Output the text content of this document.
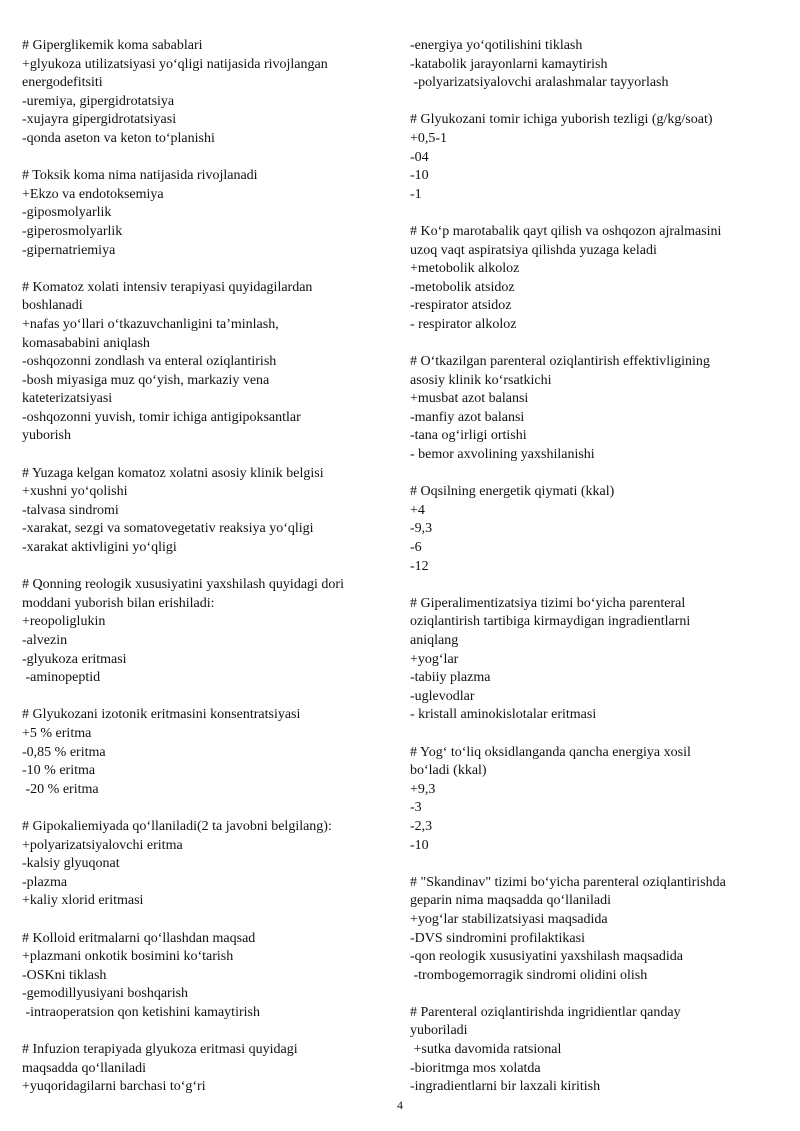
# Giperglikemik koma sabablari
+glyukoza utilizatsiyasi yo‘qligi natijasida rivojlangan
energodefitsiti
-uremiya, gipergidrotatsiya
-xujayra gipergidrotatsiyasi
-qonda aseton va keton to‘planishi
# Toksik koma nima natijasida rivojlanadi
+Ekzo va endotoksemiya
-giposmolyarlik
-giperosmolyarlik
-gipernatriemiya
# Komatoz xolati intensiv terapiyasi quyidagilardan
boshlanadi
+nafas yo‘llari o‘tkazuvchanligini ta’minlash,
komasababini aniqlash
-oshqozonni zondlash va enteral oziqlantirish
-bosh miyasiga muz qo‘yish, markaziy vena
kateterizatsiyasi
-oshqozonni yuvish, tomir ichiga antigipoksantlar
yuborish
# Yuzaga kelgan komatoz xolatni asosiy klinik belgisi
+xushni yo‘qolishi
-talvasa sindromi
-xarakat, sezgi va somatovegetativ reaksiya yo‘qligi
-xarakat aktivligini yo‘qligi
# Qonning reologik xususiyatini yaxshilash quyidagi dori
moddani yuborish bilan erishiladi:
+reopoliglukin
-alvezin
-glyukoza eritmasi
-aminopeptid
# Glyukozani izotonik eritmasini konsentratsiyasi
+5 % eritma
-0,85 % eritma
-10 % eritma
-20 % eritma
# Gipokaliemiyada qo‘llaniladi(2 ta javobni belgilang):
+polyarizatsiyalovchi eritma
-kalsiy glyuqonat
-plazma
+kaliy xlorid eritmasi
# Kolloid eritmalarni qo‘llashdan maqsad
+plazmani onkotik bosimini ko‘tarish
-OSKni tiklash
-gemodillyusiyani boshqarish
-intraoperatsion qon ketishini kamaytirish
# Infuzion terapiyada glyukoza eritmasi quyidagi
maqsadda qo‘llaniladi
+yuqoridagilarni barchasi to‘g‘ri
-energiya yo‘qotilishini tiklash
-katabolik jarayonlarni kamaytirish
-polyarizatsiyalovchi aralashmalar tayyorlash
# Glyukozani tomir ichiga yuborish tezligi (g/kg/soat)
+0,5-1
-04
-10
-1
# Ko‘p marotabalik qayt qilish va oshqozon ajralmasini
uzoq vaqt aspiratsiya qilishda yuzaga keladi
+metobolik alkoloz
-metobolik atsidoz
-respirator atsidoz
- respirator alkoloz
# O‘tkazilgan parenteral oziqlantirish effektivligining
asosiy klinik ko‘rsatkichi
+musbat azot balansi
-manfiy azot balansi
-tana og‘irligi ortishi
- bemor axvolining yaxshilanishi
# Oqsilning energetik qiymati (kkal)
+4
-9,3
-6
-12
# Giperalimentizatsiya tizimi bo‘yicha parenteral
oziqlantirish tartibiga kirmaydigan ingradientlarni
aniqlang
+yog‘lar
-tabiiy plazma
-uglevodlar
- kristall aminokislotalar eritmasi
# Yog‘ to‘liq oksidlanganda qancha energiya xosil
bo‘ladi (kkal)
+9,3
-3
-2,3
-10
# "Skandinav" tizimi bo‘yicha parenteral oziqlantirishda
geparin nima maqsadda qo‘llaniladi
+yog‘lar stabilizatsiyasi maqsadida
-DVS sindromini profilaktikasi
-qon reologik xususiyatini yaxshilash maqsadida
-trombogemorragik sindromi olidini olish
# Parenteral oziqlantirishda ingridientlar qanday
yuboriladi
+sutka davomida ratsional
-bioritmga mos xolatda
-ingradientlarni bir laxzali kiritish
4
